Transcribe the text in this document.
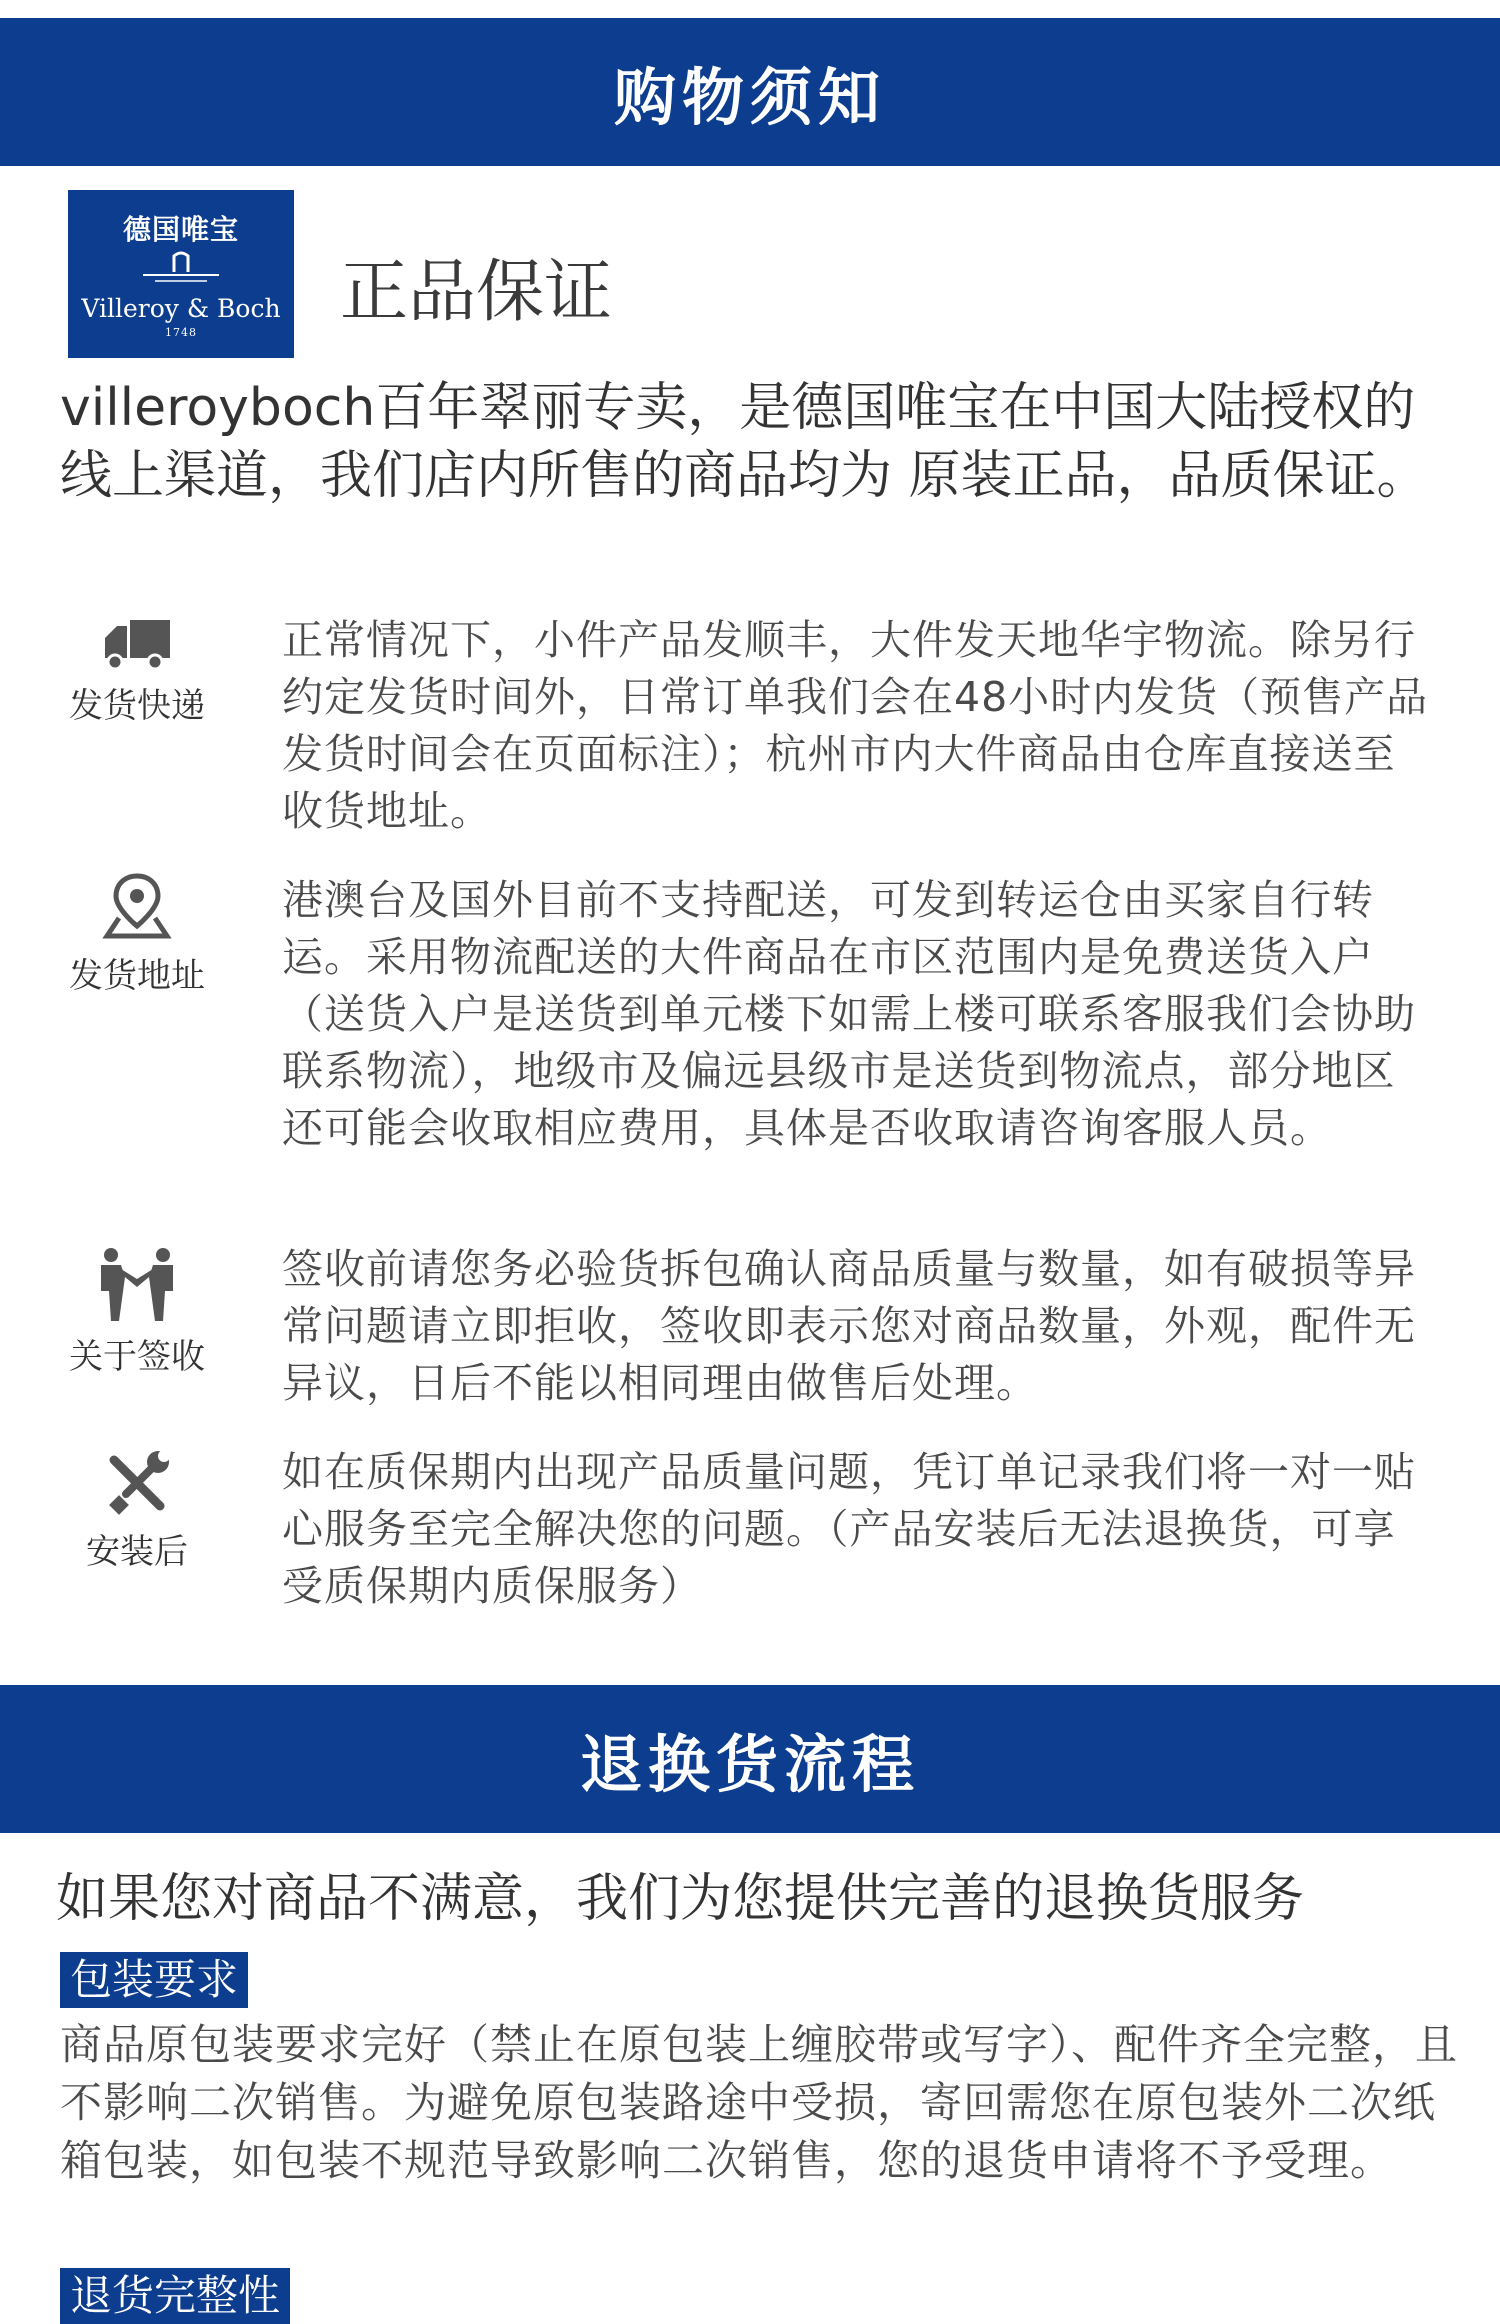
购物须知
德国唯宝
Villeroy & Boch
1748
正品保证

villeroyboch百年翠丽专卖，是德国唯宝在中国大陆授权的线上渠道，我们店内所售的商品均为 原装正品，品质保证。

发货快递

正常情况下，小件产品发顺丰，大件发天地华宇物流。除另行约定发货时间外，日常订单我们会在48小时内发货（预售产品发货时间会在页面标注）；杭州市内大件商品由仓库直接送至收货地址。

发货地址

港澳台及国外目前不支持配送，可发到转运仓由买家自行转运。采用物流配送的大件商品在市区范围内是免费送货入户（送货入户是送货到单元楼下如需上楼可联系客服我们会协助联系物流），地级市及偏远县级市是送货到物流点，部分地区还可能会收取相应费用，具体是否收取请咨询客服人员。

关于签收

签收前请您务必验货拆包确认商品质量与数量，如有破损等异常问题请立即拒收，签收即表示您对商品数量，外观，配件无异议，日后不能以相同理由做售后处理。

安装后

如在质保期内出现产品质量问题，凭订单记录我们将一对一贴心服务至完全解决您的问题。（产品安装后无法退换货，可享受质保期内质保服务）

退换货流程

如果您对商品不满意，我们为您提供完善的退换货服务

包装要求

商品原包装要求完好（禁止在原包装上缠胶带或写字）、配件齐全完整，且不影响二次销售。为避免原包装路途中受损，寄回需您在原包装外二次纸箱包装，如包装不规范导致影响二次销售，您的退货申请将不予受理。

退货完整性
